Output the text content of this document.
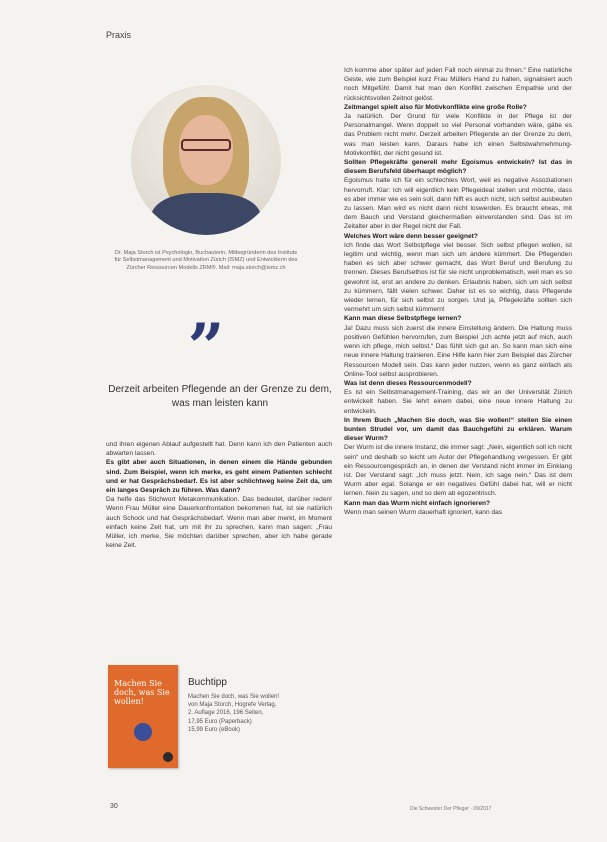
Praxis
Dr. Maja Storch ist Psychologin, Buchautorin, Mitbegründerin des Instituts für Selbstmanagement und Motivation Zürich (ISMZ) und Entwicklerin des Zürcher Ressourcen Modells ZRM®. Mail: maja.storch@ismz.ch
”
Derzeit arbeiten Pflegende an der Grenze zu dem, was man leisten kann

und ihren eigenen Ablauf aufgestellt hat. Denn kann ich den Patienten auch abwarten lassen.

Es gibt aber auch Situationen, in denen einem die Hände gebunden sind. Zum Beispiel, wenn ich merke, es geht einem Patienten schlecht und er hat Gesprächsbedarf. Es ist aber schlichtweg keine Zeit da, um ein langes Gespräch zu führen. Was dann?

Da helfe das Stichwort Metakommunikation. Das bedeutet, darüber reden! Wenn Frau Müller eine Dauerkonfrontation bekommen hat, ist sie natürlich auch Schock und hat Gesprächsbedarf. Wenn man aber merkt, im Moment einfach keine Zeit hat, um mit ihr zu sprechen, kann man sagen: „Frau Müller, ich merke, Sie möchten darüber sprechen, aber ich habe gerade keine Zeit.

Ich komme aber später auf jeden Fall noch einmal zu Ihnen.“ Eine natürliche Geste, wie zum Beispiel kurz Frau Müllers Hand zu halten, signalisiert auch noch Mitgefühl. Damit hat man den Konflikt zwischen Empathie und der rücksichtsvollen Zeitnot gelöst.

Zeitmangel spielt also für Motivkonflikte eine große Rolle?

Ja natürlich. Der Grund für viele Konflikte in der Pflege ist der Personalmangel. Wenn doppelt so viel Personal vorhanden wäre, gäbe es das Problem nicht mehr. Derzeit arbeiten Pflegende an der Grenze zu dem, was man leisten kann. Daraus habe ich einen Selbstwahrnehmung-Motivkonflikt, der nicht gesund ist.

Sollten Pflegekräfte generell mehr Egoismus entwickeln? Ist das in diesem Berufsfeld überhaupt möglich?

Egoismus halte ich für ein schlechtes Wort, weil es negative Assoziationen hervorruft. Klar: Ich will eigentlich kein Pflegeideal stellen und möchte, dass es aber immer wie es sein soll, dann hilft es auch nicht, sich selbst ausbeuten zu lassen. Man wird es nicht dann nicht loswerden. Es braucht etwas, mit dem Bauch und Verstand gleichermaßen einverstanden sind. Das ist im Zeitalter aber in der Regel nicht der Fall.

Welches Wort wäre denn besser geeignet?

Ich finde das Wort Selbstpflege viel besser. Sich selbst pflegen wollen, ist legitim und wichtig, wenn man sich um andere kümmert. Die Pflegenden haben es sich aber schwer gemacht, das Wort Beruf und Berufung zu trennen. Dieses Berufsethos ist für sie nicht unproblematisch, weil man es so gewohnt ist, erst an andere zu denken. Erlaubnis haben, sich um sich selbst zu kümmern, fällt vielen schwer. Daher ist es so wichtig, dass Pflegende wieder lernen, für sich selbst zu sorgen. Und ja, Pflegekräfte sollten sich vermehrt um sich selbst kümmern!

Kann man diese Selbstpflege lernen?

Ja! Dazu muss sich zuerst die innere Einstellung ändern. Die Haltung muss positiven Gefühlen hervorrufen, zum Beispiel „Ich achte jetzt auf mich, auch wenn ich pflege, mich selbst.“ Das fühlt sich gut an. So kann man sich eine neue innere Haltung trainieren. Eine Hilfe kann hier zum Beispiel das Zürcher Ressourcen Modell sein. Das kann jeder nutzen, wenn es ganz einfach als Online-Tool selbst ausprobieren.

Was ist denn dieses Ressourcenmodell?

Es ist ein Selbstmanagement-Training, das wir an der Universität Zürich entwickelt haben. Sie lehrt einem dabei, eine neue innere Haltung zu entwickeln.

In Ihrem Buch „Machen Sie doch, was Sie wollen!“ stellen Sie einen bunten Strudel vor, um damit das Bauchgefühl zu erklären. Warum dieser Wurm?

Der Wurm ist die innere Instanz, die immer sagt: „Nein, eigentlich soll ich nicht sein“ und deshalb so leicht um Autor der Pflegehandlung vergessen. Er gibt ein Ressourcengespräch an, in denen der Verstand nicht immer im Einklang ist. Der Verstand sagt: „Ich muss jetzt. Nein, ich sage nein.“ Das ist dem Wurm aber egal. Solange er ein negatives Gefühl dabei hat, will er nicht lernen. Nein zu sagen, und so dem ab egozentrisch.

Kann man das Wurm nicht einfach ignorieren?

Wenn man seinen Wurm dauerhaft ignoriert, kann das

Machen Sie doch, was Sie wollen!
Buchtipp
Machen Sie doch, was Sie wollen!
von Maja Storch, Hogrefe Verlag,
2. Auflage 2016, 196 Seiten,
17,95 Euro (Paperback)
15,99 Euro (eBook)
30	Die Schwester Der Pfleger · 09/2017
